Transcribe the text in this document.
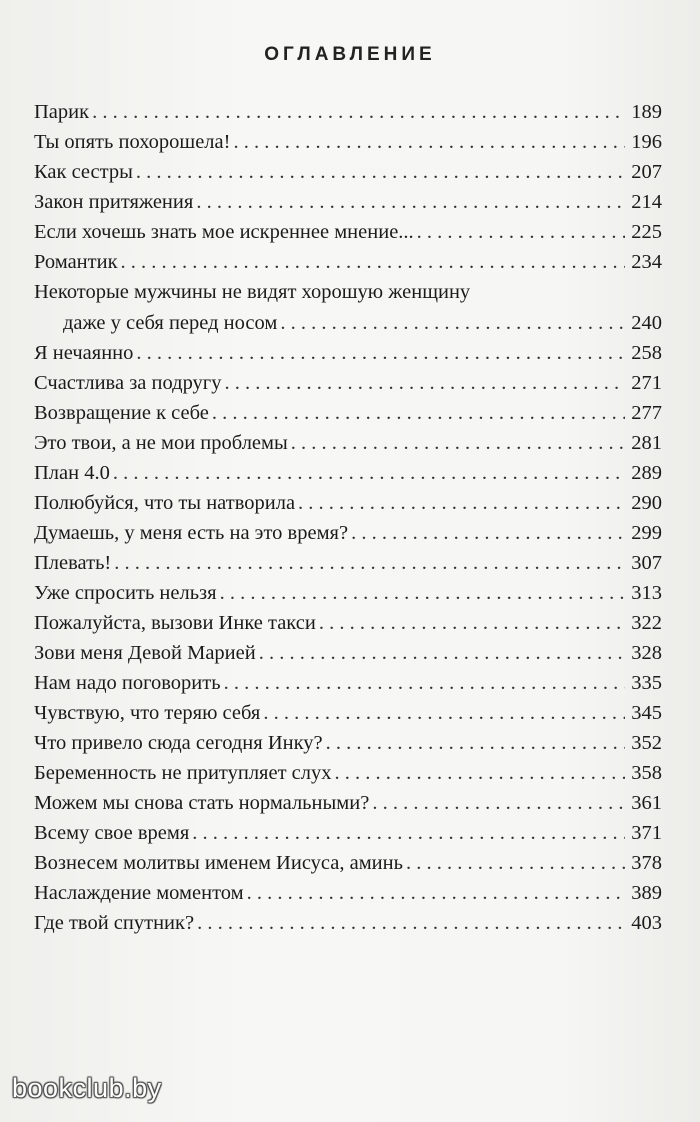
ОГЛАВЛЕНИЕ
Парик . . .	189
Ты опять похорошела! . . .	196
Как сестры . . .	207
Закон притяжения . . .	214
Если хочешь знать мое искреннее мнение... . . .	225
Романтик . . .	234
Некоторые мужчины не видят хорошую женщину
даже у себя перед носом . . .	240
Я нечаянно . . .	258
Счастлива за подругу . . .	271
Возвращение к себе . . .	277
Это твои, а не мои проблемы . . .	281
План 4.0 . . .	289
Полюбуйся, что ты натворила . . .	290
Думаешь, у меня есть на это время? . . .	299
Плевать! . . .	307
Уже спросить нельзя . . .	313
Пожалуйста, вызови Инке такси . . .	322
Зови меня Девой Марией . . .	328
Нам надо поговорить . . .	335
Чувствую, что теряю себя . . .	345
Что привело сюда сегодня Инку? . . .	352
Беременность не притупляет слух . . .	358
Можем мы снова стать нормальными? . . .	361
Всему свое время . . .	371
Вознесем молитвы именем Иисуса, аминь . . .	378
Наслаждение моментом . . .	389
Где твой спутник? . . .	403
bookclub.by
